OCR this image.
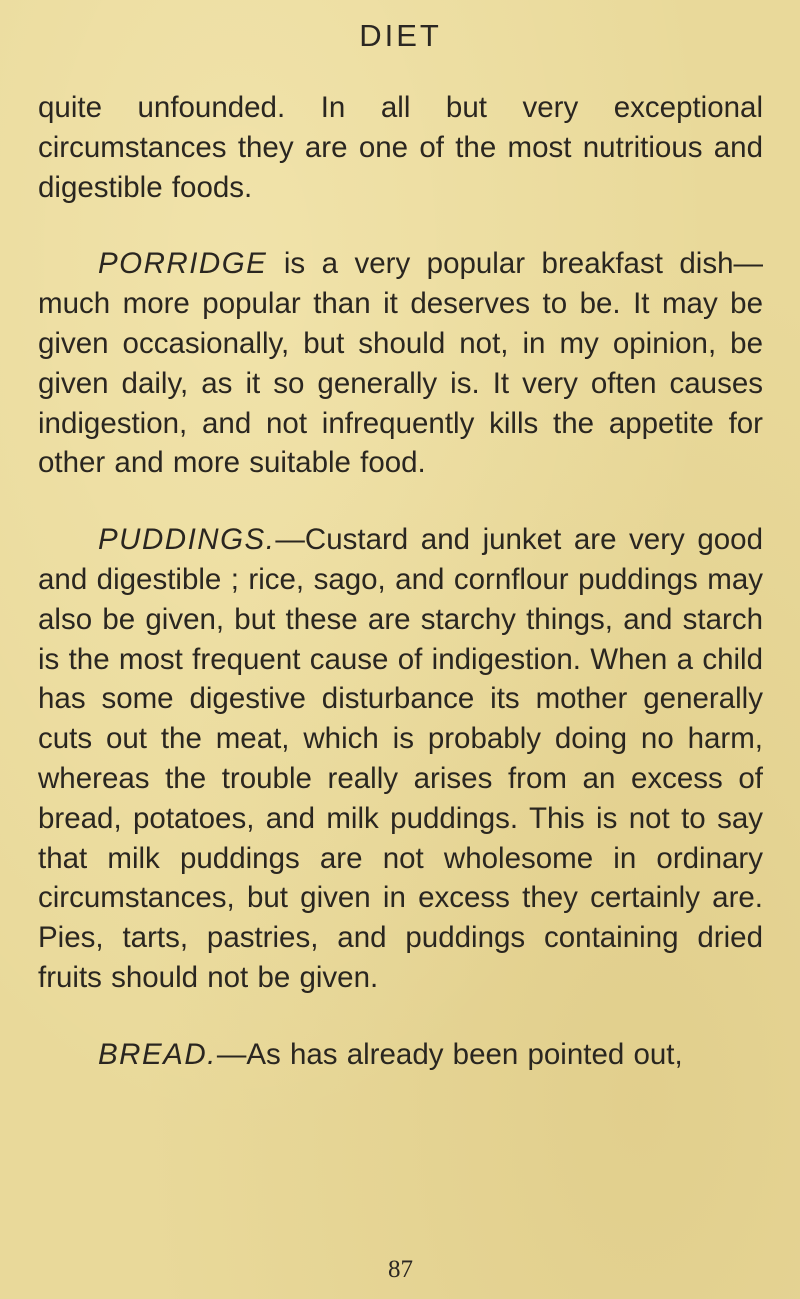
DIET

quite unfounded. In all but very exceptional circumstances they are one of the most nutritious and digestible foods.

PORRIDGE is a very popular breakfast dish—much more popular than it deserves to be. It may be given occasionally, but should not, in my opinion, be given daily, as it so generally is. It very often causes indigestion, and not infrequently kills the appetite for other and more suitable food.

PUDDINGS.—Custard and junket are very good and digestible ; rice, sago, and cornflour puddings may also be given, but these are starchy things, and starch is the most frequent cause of indigestion. When a child has some digestive disturbance its mother generally cuts out the meat, which is probably doing no harm, whereas the trouble really arises from an excess of bread, potatoes, and milk puddings. This is not to say that milk puddings are not wholesome in ordinary circumstances, but given in excess they certainly are. Pies, tarts, pastries, and puddings containing dried fruits should not be given.

BREAD.—As has already been pointed out,

87
